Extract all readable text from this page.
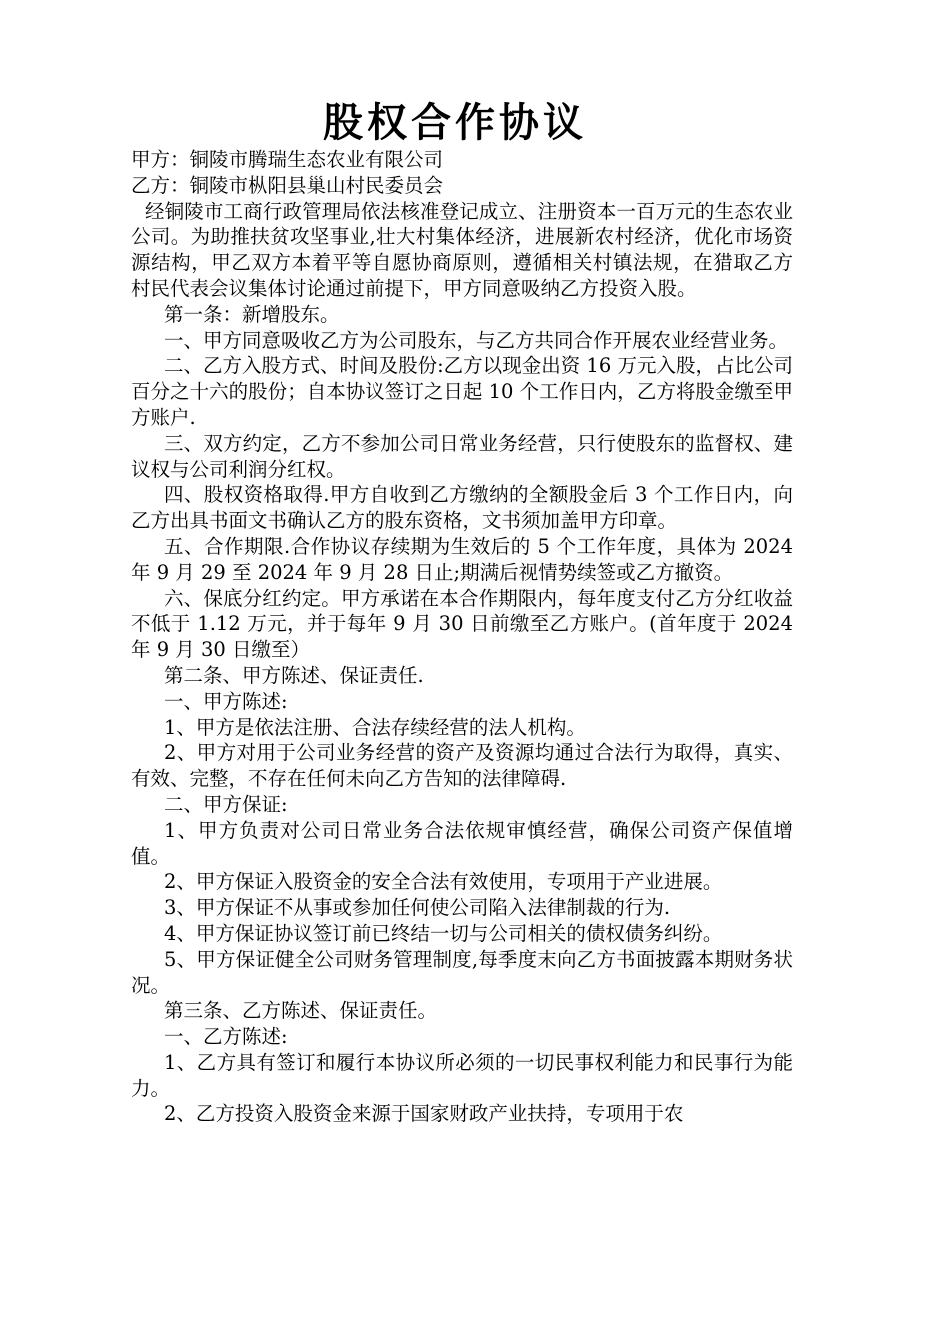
股权合作协议

甲方：铜陵市腾瑞生态农业有限公司

乙方：铜陵市枞阳县巢山村民委员会

经铜陵市工商行政管理局依法核准登记成立、注册资本一百万元的生态农业公司。为助推扶贫攻坚事业,壮大村集体经济，进展新农村经济，优化市场资源结构，甲乙双方本着平等自愿协商原则，遵循相关村镇法规，在猎取乙方村民代表会议集体讨论通过前提下，甲方同意吸纳乙方投资入股。

第一条：新增股东。

一、甲方同意吸收乙方为公司股东，与乙方共同合作开展农业经营业务。

二、乙方入股方式、时间及股份:乙方以现金出资 16 万元入股，占比公司百分之十六的股份；自本协议签订之日起 10 个工作日内，乙方将股金缴至甲方账户.

三、双方约定，乙方不参加公司日常业务经营，只行使股东的监督权、建议权与公司利润分红权。

四、股权资格取得.甲方自收到乙方缴纳的全额股金后 3 个工作日内，向乙方出具书面文书确认乙方的股东资格，文书须加盖甲方印章。

五、合作期限.合作协议存续期为生效后的 5 个工作年度，具体为 2024 年 9 月 29 至 2024 年 9 月 28 日止;期满后视情势续签或乙方撤资。

六、保底分红约定。甲方承诺在本合作期限内，每年度支付乙方分红收益不低于 1.12 万元，并于每年 9 月 30 日前缴至乙方账户。(首年度于 2024 年 9 月 30 日缴至）

第二条、甲方陈述、保证责任.

一、甲方陈述:

1、甲方是依法注册、合法存续经营的法人机构。

2、甲方对用于公司业务经营的资产及资源均通过合法行为取得，真实、有效、完整，不存在任何未向乙方告知的法律障碍.

二、甲方保证:

1、甲方负责对公司日常业务合法依规审慎经营，确保公司资产保值增值。

2、甲方保证入股资金的安全合法有效使用，专项用于产业进展。

3、甲方保证不从事或参加任何使公司陷入法律制裁的行为.

4、甲方保证协议签订前已终结一切与公司相关的债权债务纠纷。

5、甲方保证健全公司财务管理制度,每季度末向乙方书面披露本期财务状况。

第三条、乙方陈述、保证责任。

一、乙方陈述:

1、乙方具有签订和履行本协议所必须的一切民事权利能力和民事行为能力。

2、乙方投资入股资金来源于国家财政产业扶持，专项用于农
